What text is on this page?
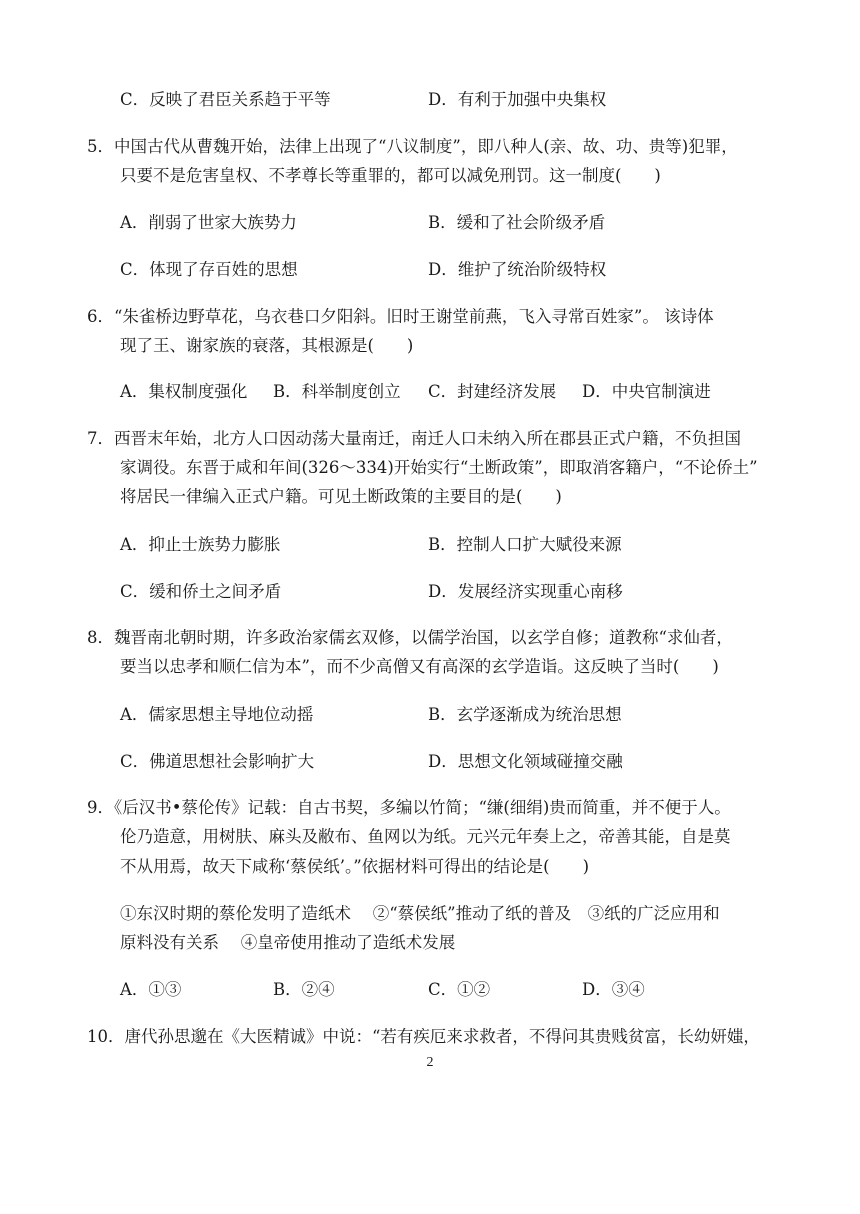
C．反映了君臣关系趋于平等	D．有利于加强中央集权
5．中国古代从曹魏开始，法律上出现了“八议制度”，即八种人(亲、故、功、贵等)犯罪，
只要不是危害皇权、不孝尊长等重罪的，都可以减免刑罚。这一制度(　　)
A．削弱了世家大族势力	B．缓和了社会阶级矛盾
C．体现了存百姓的思想	D．维护了统治阶级特权
6．“朱雀桥边野草花，乌衣巷口夕阳斜。旧时王谢堂前燕，飞入寻常百姓家”。 该诗体
现了王、谢家族的衰落，其根源是(　　)
A．集权制度强化 B．科举制度创立 C．封建经济发展 D．中央官制演进
7．西晋末年始，北方人口因动荡大量南迁，南迁人口未纳入所在郡县正式户籍，不负担国
家调役。东晋于咸和年间(326～334)开始实行“土断政策”，即取消客籍户，“不论侨土”
将居民一律编入正式户籍。可见土断政策的主要目的是(　　)
A．抑止士族势力膨胀	B．控制人口扩大赋役来源
C．缓和侨土之间矛盾	D．发展经济实现重心南移
8．魏晋南北朝时期，许多政治家儒玄双修，以儒学治国，以玄学自修；道教称“求仙者，
要当以忠孝和顺仁信为本”，而不少高僧又有高深的玄学造诣。这反映了当时(　　)
A．儒家思想主导地位动摇	B．玄学逐渐成为统治思想
C．佛道思想社会影响扩大	D．思想文化领域碰撞交融
9．《后汉书•蔡伦传》记载：自古书契，多编以竹简；“缣(细绢)贵而简重，并不便于人。
伦乃造意，用树肤、麻头及敝布、鱼网以为纸。元兴元年奏上之，帝善其能，自是莫
不从用焉，故天下咸称‘蔡侯纸’。”依据材料可得出的结论是(　　)
①东汉时期的蔡伦发明了造纸术　 ②“蔡侯纸”推动了纸的普及　③纸的广泛应用和
原料没有关系　 ④皇帝使用推动了造纸术发展
A．①③	B．②④	C．①②	D．③④
10．唐代孙思邈在《大医精诚》中说：“若有疾厄来求救者，不得问其贵贱贫富，长幼妍媸，
2
